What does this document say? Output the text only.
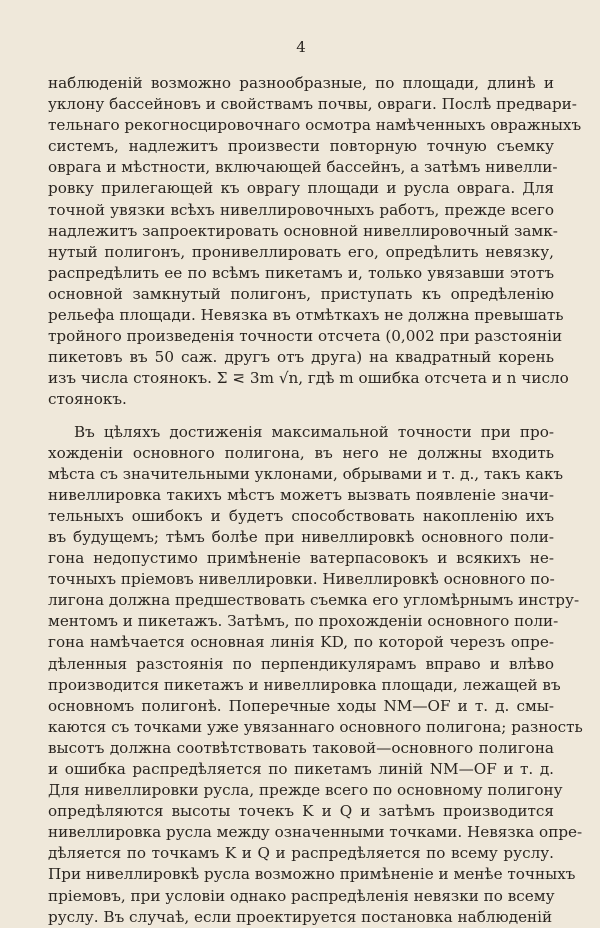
4
наблюденій возможно разнообразные, по площади, длинѣ и
уклону бассейновъ и свойствамъ почвы, овраги. Послѣ предвари-
тельнаго рекогносцировочнаго осмотра намѣченныхъ овражныхъ
системъ, надлежитъ произвести повторную точную съемку
оврага и мѣстности, включающей бассейнъ, а затѣмъ нивелли-
ровку прилегающей къ оврагу площади и русла оврага. Для
точной увязки всѣхъ нивеллировочныхъ работъ, прежде всего
надлежитъ запроектировать основной нивеллировочный замк-
нутый полигонъ, пронивеллировать его, опредѣлить невязку,
распредѣлить ее по всѣмъ пикетамъ и, только увязавши этотъ
основной замкнутый полигонъ, приступать къ опредѣленію
рельефа площади. Невязка въ отмѣткахъ не должна превышать
тройного произведенія точности отсчета (0,002 при разстояніи
пикетовъ въ 50 саж. другъ отъ друга) на квадратный корень
изъ числа стоянокъ. Σ ⋜ 3m √n, гдѣ m ошибка отсчета и n число
стоянокъ.
Въ цѣляхъ достиженія максимальной точности при про-
хожденіи основного полигона, въ него не должны входить
мѣста съ значительными уклонами, обрывами и т. д., такъ какъ
нивеллировка такихъ мѣстъ можетъ вызвать появленіе значи-
тельныхъ ошибокъ и будетъ способствовать накопленію ихъ
въ будущемъ; тѣмъ болѣе при нивеллировкѣ основного поли-
гона недопустимо примѣненіе ватерпасовокъ и всякихъ не-
точныхъ пріемовъ нивеллировки. Нивеллировкѣ основного по-
лигона должна предшествовать съемка его угломѣрнымъ инстру-
ментомъ и пикетажъ. Затѣмъ, по прохожденіи основного поли-
гона намѣчается основная линія KD, по которой черезъ опре-
дѣленныя разстоянія по перпендикулярамъ вправо и влѣво
производится пикетажъ и нивеллировка площади, лежащей въ
основномъ полигонѣ. Поперечные ходы NM—OF и т. д. смы-
каются съ точками уже увязаннаго основного полигона; разность
высотъ должна соотвѣтствовать таковой—основного полигона
и ошибка распредѣляется по пикетамъ линій NM—OF и т. д.
Для нивеллировки русла, прежде всего по основному полигону
опредѣляются высоты точекъ K и Q и затѣмъ производится
нивеллировка русла между означенными точками. Невязка опре-
дѣляется по точкамъ K и Q и распредѣляется по всему руслу.
При нивеллировкѣ русла возможно примѣненіе и менѣе точныхъ
пріемовъ, при условіи однако распредѣленія невязки по всему
руслу. Въ случаѣ, если проектируется постановка наблюденій
